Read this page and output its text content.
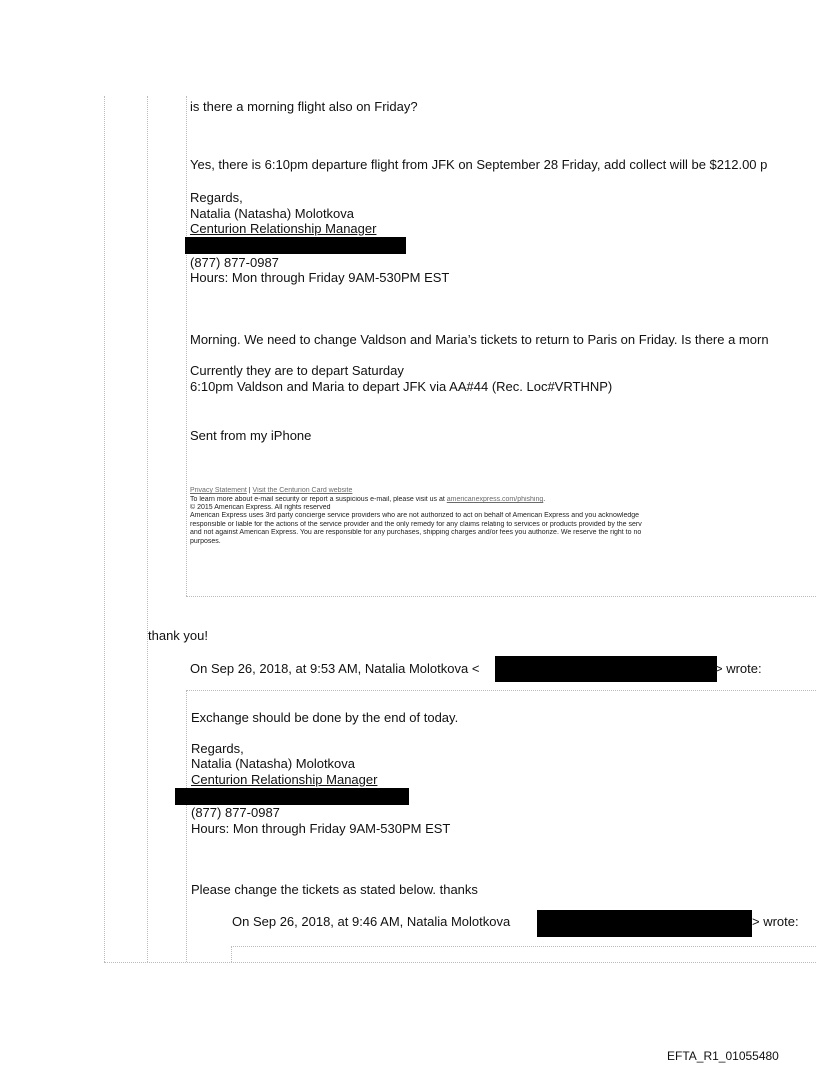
is there a morning flight also on Friday?
Yes, there is 6:10pm departure flight from JFK on September 28 Friday, add collect will be $212.00 p
Regards,
Natalia (Natasha) Molotkova
Centurion Relationship Manager
(877) 877-0987
Hours: Mon through Friday 9AM-530PM EST
Morning. We need to change Valdson and Maria’s tickets to return to Paris on Friday. Is there a morn
Currently they are to depart Saturday
6:10pm Valdson and Maria to depart JFK via AA#44 (Rec. Loc#VRTHNP)
Sent from my iPhone
Privacy Statement | Visit the Centurion Card website
To learn more about e-mail security or report a suspicious e-mail, please visit us at americanexpress.com/phishing.
© 2015 American Express. All rights reserved
American Express uses 3rd party concierge service providers who are not authorized to act on behalf of American Express and you acknowledge
responsible or liable for the actions of the service provider and the only remedy for any claims relating to services or products provided by the serv
and not against American Express. You are responsible for any purchases, shipping charges and/or fees you authorize. We reserve the right to no
purposes.
thank you!
On Sep 26, 2018, at 9:53 AM, Natalia Molotkova <	> wrote:
Exchange should be done by the end of today.
Regards,
Natalia (Natasha) Molotkova
Centurion Relationship Manager
(877) 877-0987
Hours: Mon through Friday 9AM-530PM EST
Please change the tickets as stated below. thanks
On Sep 26, 2018, at 9:46 AM, Natalia Molotkova	> wrote:
EFTA_R1_01055480
